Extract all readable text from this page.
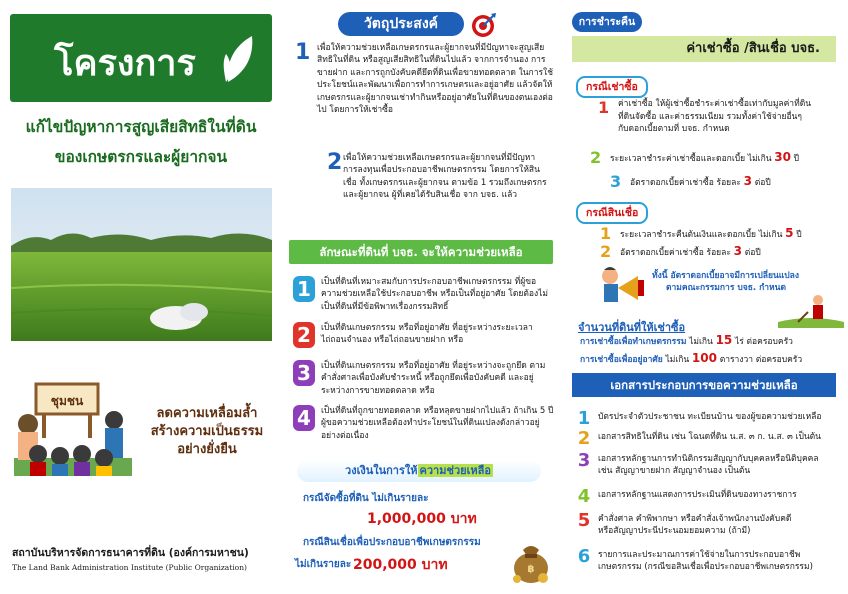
โครงการ
แก้ไขปัญหาการสูญเสียสิทธิในที่ดิน
ของเกษตรกรและผู้ยากจน
ชุมชน
ลดความเหลื่อมล้ำ
สร้างความเป็นธรรม
อย่างยั่งยืน
สถาบันบริหารจัดการธนาคารที่ดิน (องค์การมหาชน)
The Land Bank Administration Institute (Public Organization)
วัตถุประสงค์
1 เพื่อให้ความช่วยเหลือเกษตรกรและผู้ยากจนที่มีปัญหาจะสูญเสียสิทธิในที่ดิน หรือสูญเสียสิทธิในที่ดินไปแล้ว จากการจำนอง การขายฝาก และการถูกบังคับคดียึดที่ดินเพื่อขายทอดตลาด ในการใช้ประโยชน์และพัฒนาเพื่อการทำการเกษตรและอยู่อาศัย แล้วจัดให้เกษตรกรและผู้ยากจนเช่าทำกินหรืออยู่อาศัยในที่ดินของตนเองต่อไป โดยการให้เช่าซื้อ
2 เพื่อให้ความช่วยเหลือเกษตรกรและผู้ยากจนที่มีปัญหาการลงทุนเพื่อประกอบอาชีพเกษตรกรรม โดยการให้สินเชื่อ ทั้งเกษตรกรและผู้ยากจน ตามข้อ 1 รวมถึงเกษตรกรและผู้ยากจน ผู้ที่เคยได้รับสินเชื่อ จาก บจธ. แล้ว
ลักษณะที่ดินที่ บจธ. จะให้ความช่วยเหลือ
1	เป็นที่ดินที่เหมาะสมกับการประกอบอาชีพเกษตรกรรม ที่ผู้ขอความช่วยเหลือใช้ประกอบอาชีพ หรือเป็นที่อยู่อาศัย โดยต้องไม่เป็นที่ดินที่มีข้อพิพาทเรื่องกรรมสิทธิ์
2	เป็นที่ดินเกษตรกรรม หรือที่อยู่อาศัย ที่อยู่ระหว่างระยะเวลาไถ่ถอนจำนอง หรือไถ่ถอนขายฝาก หรือ
3	เป็นที่ดินเกษตรกรรม หรือที่อยู่อาศัย ที่อยู่ระหว่างจะถูกยึด ตามคำสั่งศาลเพื่อบังคับชำระหนี้ หรือถูกยึดเพื่อบังคับคดี และอยู่ระหว่างการขายทอดตลาด หรือ
4	เป็นที่ดินที่ถูกขายทอดตลาด หรือหลุดขายฝากไปแล้ว ถ้าเกิน 5 ปี ผู้ขอความช่วยเหลือต้องทำประโยชน์ในที่ดินแปลงดังกล่าวอยู่อย่างต่อเนื่อง
วงเงินในการให้ ความช่วยเหลือ
กรณีจัดซื้อที่ดิน ไม่เกินรายละ
1,000,000 บาท
กรณีสินเชื่อเพื่อประกอบอาชีพเกษตรกรรม
ไม่เกินรายละ 200,000 บาท	฿
การชำระคืน
ค่าเช่าซื้อ /สินเชื่อ บจธ.
กรณีเช่าซื้อ
1 ค่าเช่าซื้อ ให้ผู้เช่าซื้อชำระค่าเช่าซื้อเท่ากับมูลค่าที่ดิน
ที่ดินจัดซื้อ และค่าธรรมเนียม รวมทั้งค่าใช้จ่ายอื่นๆ
กับดอกเบี้ยตามที่ บจธ. กำหนด
2 ระยะเวลาชำระค่าเช่าซื้อและดอกเบี้ย ไม่เกิน 30 ปี
3 อัตราดอกเบี้ยค่าเช่าซื้อ ร้อยละ 3 ต่อปี
กรณีสินเชื่อ
1 ระยะเวลาชำระคืนต้นเงินและดอกเบี้ย ไม่เกิน 5 ปี
2 อัตราดอกเบี้ยค่าเช่าซื้อ ร้อยละ 3 ต่อปี
ทั้งนี้ อัตราดอกเบี้ยอาจมีการเปลี่ยนแปลง
ตามคณะกรรมการ บจธ. กำหนด
จำนวนที่ดินที่ให้เช่าซื้อ
การเช่าซื้อเพื่อทำเกษตรกรรม ไม่เกิน 15 ไร่ ต่อครอบครัว
การเช่าซื้อเพื่ออยู่อาศัย ไม่เกิน 100 ตารางวา ต่อครอบครัว
เอกสารประกอบการขอความช่วยเหลือ
1 บัตรประจำตัวประชาชน ทะเบียนบ้าน ของผู้ขอความช่วยเหลือ
2 เอกสารสิทธิในที่ดิน เช่น โฉนดที่ดิน น.ส. ๓ ก. น.ส. ๓ เป็นต้น
3 เอกสารหลักฐานการทำนิติกรรมสัญญากับบุคคลหรือนิติบุคคล
เช่น สัญญาขายฝาก สัญญาจำนอง เป็นต้น
4 เอกสารหลักฐานแสดงการประเมินที่ดินของทางราชการ
5 คำสั่งศาล คำพิพากษา หรือคำสั่งเจ้าพนักงานบังคับคดี
หรือสัญญาประนีประนอมยอมความ (ถ้ามี)
6 รายการและประมาณการค่าใช้จ่ายในการประกอบอาชีพ
เกษตรกรรม (กรณีขอสินเชื่อเพื่อประกอบอาชีพเกษตรกรรม)
